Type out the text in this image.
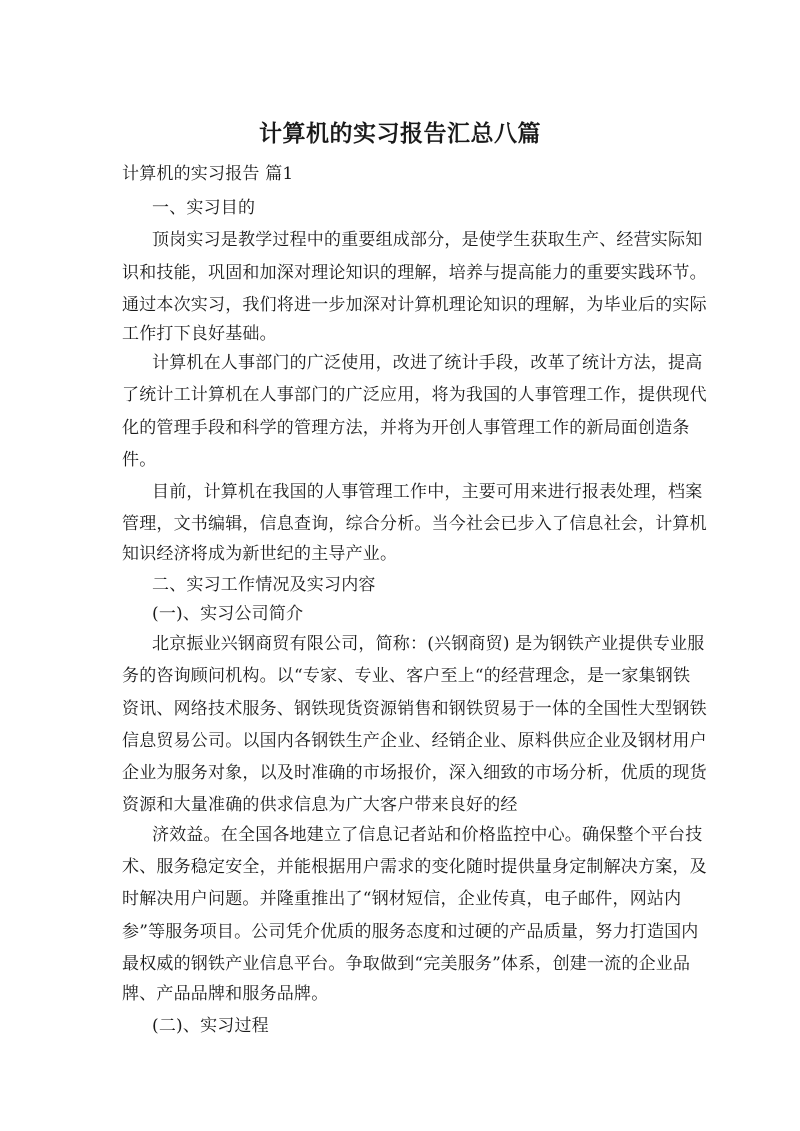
计算机的实习报告汇总八篇
计算机的实习报告 篇1
一、实习目的
顶岗实习是教学过程中的重要组成部分，是使学生获取生产、经营实际知
识和技能，巩固和加深对理论知识的理解，培养与提高能力的重要实践环节。
通过本次实习，我们将进一步加深对计算机理论知识的理解，为毕业后的实际
工作打下良好基础。
计算机在人事部门的广泛使用，改进了统计手段，改革了统计方法，提高
了统计工计算机在人事部门的广泛应用，将为我国的人事管理工作，提供现代
化的管理手段和科学的管理方法，并将为开创人事管理工作的新局面创造条
件。
目前，计算机在我国的人事管理工作中，主要可用来进行报表处理，档案
管理，文书编辑，信息查询，综合分析。当今社会已步入了信息社会，计算机
知识经济将成为新世纪的主导产业。
二、实习工作情况及实习内容
(一)、实习公司简介
北京振业兴钢商贸有限公司，简称：(兴钢商贸) 是为钢铁产业提供专业服
务的咨询顾问机构。以“专家、专业、客户至上“的经营理念，是一家集钢铁
资讯、网络技术服务、钢铁现货资源销售和钢铁贸易于一体的全国性大型钢铁
信息贸易公司。以国内各钢铁生产企业、经销企业、原料供应企业及钢材用户
企业为服务对象，以及时准确的市场报价，深入细致的市场分析，优质的现货
资源和大量准确的供求信息为广大客户带来良好的经
济效益。在全国各地建立了信息记者站和价格监控中心。确保整个平台技
术、服务稳定安全，并能根据用户需求的变化随时提供量身定制解决方案，及
时解决用户问题。并隆重推出了“钢材短信，企业传真，电子邮件，网站内
参”等服务项目。公司凭介优质的服务态度和过硬的产品质量，努力打造国内
最权威的钢铁产业信息平台。争取做到“完美服务”体系，创建一流的企业品
牌、产品品牌和服务品牌。
(二)、实习过程
